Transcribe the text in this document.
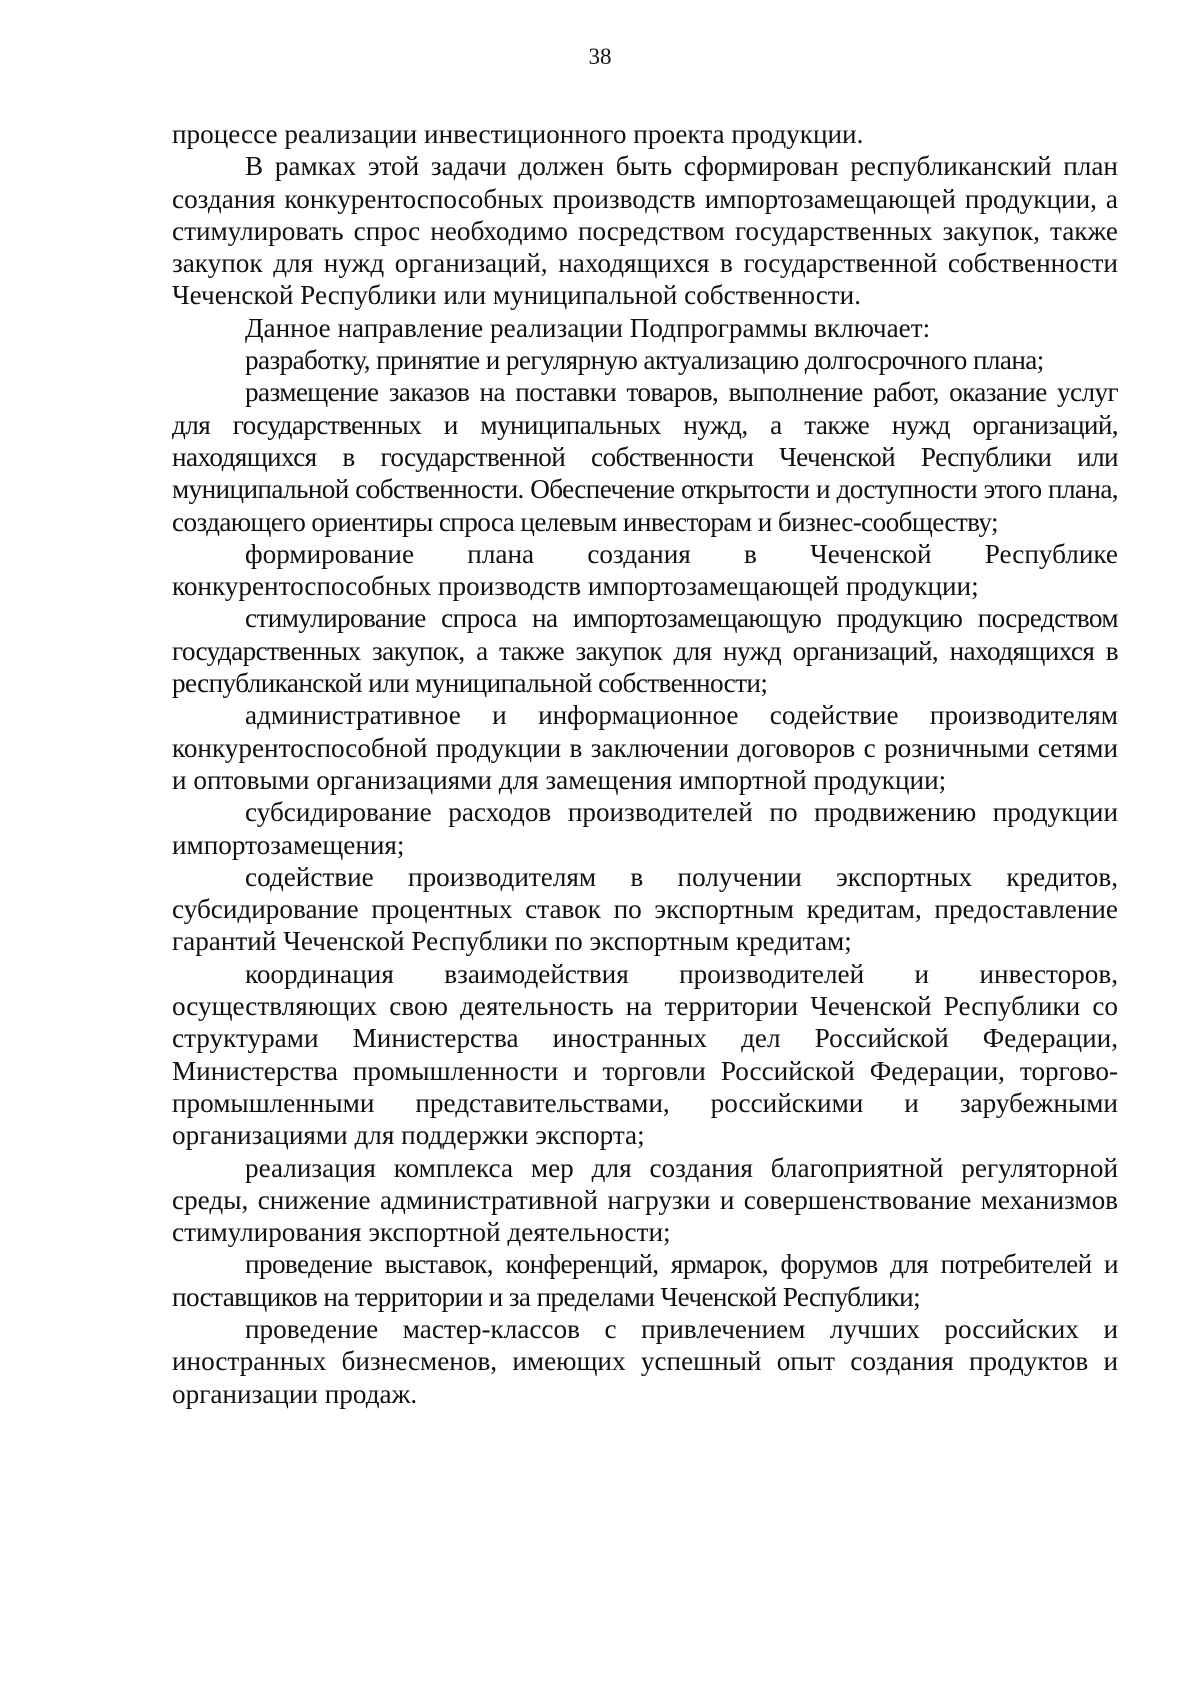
38

процессе реализации инвестиционного проекта продукции.

В рамках этой задачи должен быть сформирован республиканский план создания конкурентоспособных производств импортозамещающей продукции, а стимулировать спрос необходимо посредством государственных закупок, также закупок для нужд организаций, находящихся в государственной собственности Чеченской Республики или муниципальной собственности.

Данное направление реализации Подпрограммы включает:

разработку, принятие и регулярную актуализацию долгосрочного плана;

размещение заказов на поставки товаров, выполнение работ, оказание услуг для государственных и муниципальных нужд, а также нужд организаций, находящихся в государственной собственности Чеченской Республики или муниципальной собственности. Обеспечение открытости и доступности этого плана, создающего ориентиры спроса целевым инвесторам и бизнес-сообществу;

формирование плана создания в Чеченской Республике конкурентоспособных производств импортозамещающей продукции;

стимулирование спроса на импортозамещающую продукцию посредством государственных закупок, а также закупок для нужд организаций, находящихся в республиканской или муниципальной собственности;

административное и информационное содействие производителям конкурентоспособной продукции в заключении договоров с розничными сетями и оптовыми организациями для замещения импортной продукции;

субсидирование расходов производителей по продвижению продукции импортозамещения;

содействие производителям в получении экспортных кредитов, субсидирование процентных ставок по экспортным кредитам, предоставление гарантий Чеченской Республики по экспортным кредитам;

координация взаимодействия производителей и инвесторов, осуществляющих свою деятельность на территории Чеченской Республики со структурами Министерства иностранных дел Российской Федерации, Министерства промышленности и торговли Российской Федерации, торгово-промышленными представительствами, российскими и зарубежными организациями для поддержки экспорта;

реализация комплекса мер для создания благоприятной регуляторной среды, снижение административной нагрузки и совершенствование механизмов стимулирования экспортной деятельности;

проведение выставок, конференций, ярмарок, форумов для потребителей и поставщиков на территории и за пределами Чеченской Республики;

проведение мастер-классов с привлечением лучших российских и иностранных бизнесменов, имеющих успешный опыт создания продуктов и организации продаж.
